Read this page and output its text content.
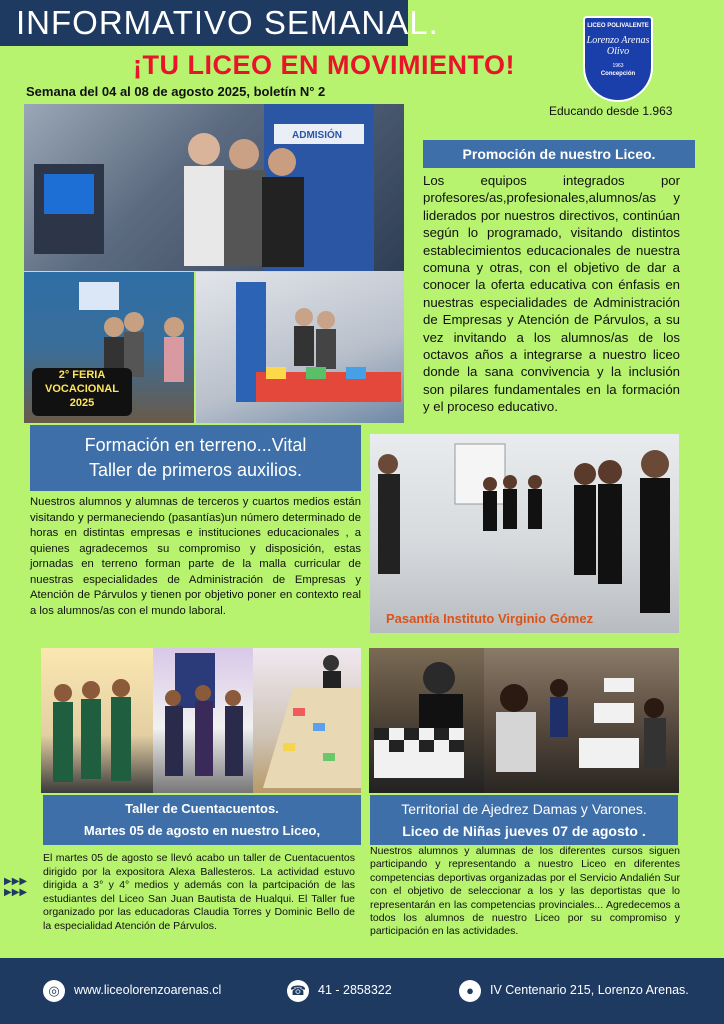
INFORMATIVO SEMANAL.
¡TU LICEO EN MOVIMIENTO!
Semana del 04 al 08 de agosto 2025, boletín N° 2
LICEO POLIVALENTE
Lorenzo Arenas Olivo
1963
Concepción
Educando desde 1.963
ADMISIÓN
2° FERIA VOCACIONAL 2025
Promoción de nuestro Liceo.
Los equipos integrados por profesores/as,profesionales,alumnos/as y liderados por nuestros directivos, continúan según lo programado, visitando distintos establecimientos educacionales de nuestra comuna y otras, con el objetivo de dar a conocer la oferta educativa con énfasis en nuestras especialidades de Administración de Empresas y Atención de Párvulos, a su vez invitando a los alumnos/as de los octavos años a integrarse a nuestro liceo donde la sana convivencia y la inclusión son pilares fundamentales en la formación y el proceso educativo.
Formación en terreno...Vital
Taller de primeros auxilios.
Nuestros alumnos y alumnas de terceros y cuartos medios están visitando y permaneciendo (pasantías)un número determinado de horas en distintas empresas e instituciones educacionales , a quienes agradecemos su compromiso y disposición, estas jornadas en terreno forman parte de la malla curricular de nuestras especialidades de Administración de Empresas y Atención de Párvulos y tienen por objetivo poner en contexto real a los alumnos/as con el mundo laboral.
Pasantía Instituto Virginio Gómez
Taller de Cuentacuentos.
Martes 05 de agosto en nuestro Liceo,
El martes 05 de agosto se llevó acabo un taller de Cuentacuentos dirigido por la expositora Alexa Ballesteros. La actividad estuvo dirigida a 3° y 4° medios y además con la partcipación de las estudiantes del Liceo San Juan Bautista de Hualqui. El Taller fue organizado por las educadoras Claudia Torres y Dominic Bello de la especialidad Atención de Párvulos.
▶▶▶
▶▶▶
Territorial de Ajedrez Damas y Varones.
Liceo de Niñas jueves 07 de agosto .
Nuestros alumnos y alumnas de los diferentes cursos siguen participando y representando a nuestro Liceo en diferentes competencias deportivas organizadas por el Servicio Andalién Sur con el objetivo de seleccionar a los y las deportistas que lo representarán en las competencias provinciales... Agredecemos a todos los alumnos de nuestro Liceo por su compromiso y participación en las actividades.
◎	www.liceolorenzoarenas.cl	☎ 41 - 2858322	●	IV Centenario 215, Lorenzo Arenas.
